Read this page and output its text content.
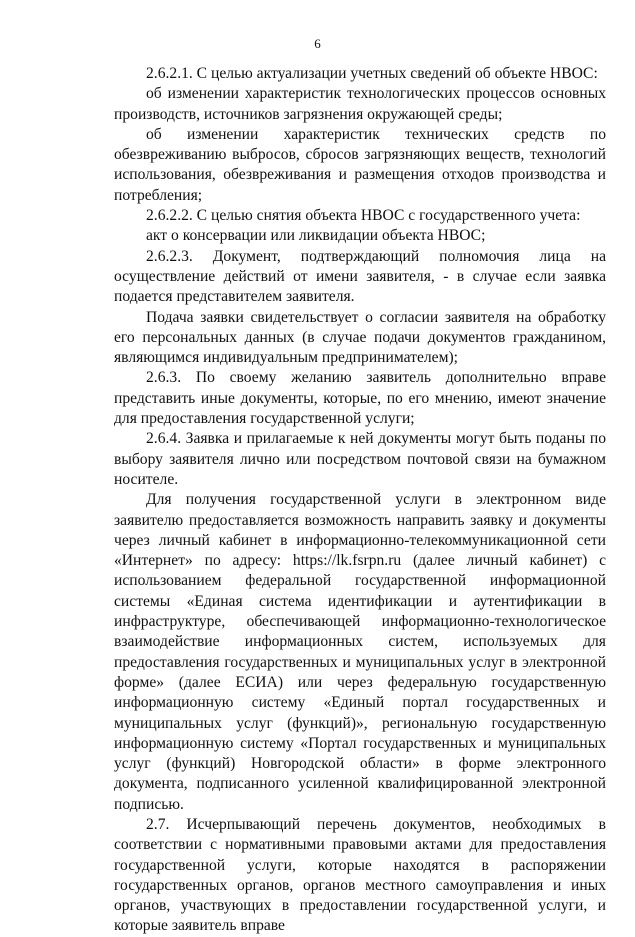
6

2.6.2.1. С целью актуализации учетных сведений об объекте НВОС:

об изменении характеристик технологических процессов основных производств, источников загрязнения окружающей среды;

об изменении характеристик технических средств по обезвреживанию выбросов, сбросов загрязняющих веществ, технологий использования, обезвреживания и размещения отходов производства и потребления;

2.6.2.2. С целью снятия объекта НВОС с государственного учета:

акт о консервации или ликвидации объекта НВОС;

2.6.2.3. Документ, подтверждающий полномочия лица на осуществление действий от имени заявителя, - в случае если заявка подается представителем заявителя.

Подача заявки свидетельствует о согласии заявителя на обработку его персональных данных (в случае подачи документов гражданином, являющимся индивидуальным предпринимателем);

2.6.3. По своему желанию заявитель дополнительно вправе представить иные документы, которые, по его мнению, имеют значение для предоставления государственной услуги;

2.6.4. Заявка и прилагаемые к ней документы могут быть поданы по выбору заявителя лично или посредством почтовой связи на бумажном носителе.

Для получения государственной услуги в электронном виде заявителю предоставляется возможность направить заявку и документы через личный кабинет в информационно-телекоммуникационной сети «Интернет» по адресу: https://lk.fsrpn.ru (далее личный кабинет) с использованием федеральной государственной информационной системы «Единая система идентификации и аутентификации в инфраструктуре, обеспечивающей информационно-технологическое взаимодействие информационных систем, используемых для предоставления государственных и муниципальных услуг в электронной форме» (далее ЕСИА) или через федеральную государственную информационную систему «Единый портал государственных и муниципальных услуг (функций)», региональную государственную информационную систему «Портал государственных и муниципальных услуг (функций) Новгородской области» в форме электронного документа, подписанного усиленной квалифицированной электронной подписью.

2.7. Исчерпывающий перечень документов, необходимых в соответствии с нормативными правовыми актами для предоставления государственной услуги, которые находятся в распоряжении государственных органов, органов местного самоуправления и иных органов, участвующих в предоставлении государственной услуги, и которые заявитель вправе
